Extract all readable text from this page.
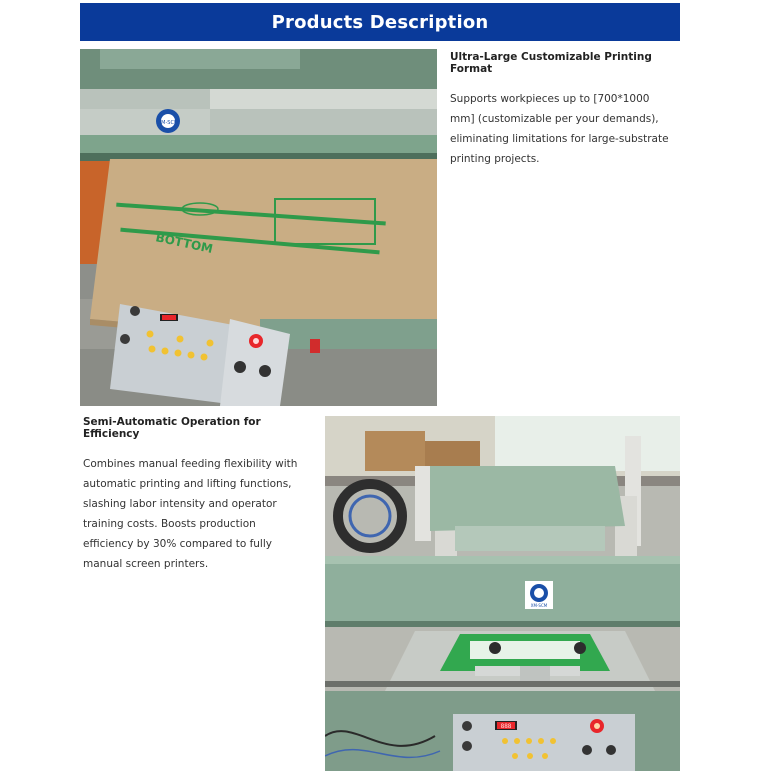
Products Description
XM-SCM
BOTTOM
Ultra-Large Customizable Printing Format

Supports workpieces up to [700*1000 mm] (customizable per your demands), eliminating limitations for large-substrate printing projects.

Semi-Automatic Operation for Efficiency

Combines manual feeding flexibility with automatic printing and lifting functions, slashing labor intensity and operator training costs. Boosts production efficiency by 30% compared to fully manual screen printers.

XM-SCM
888
